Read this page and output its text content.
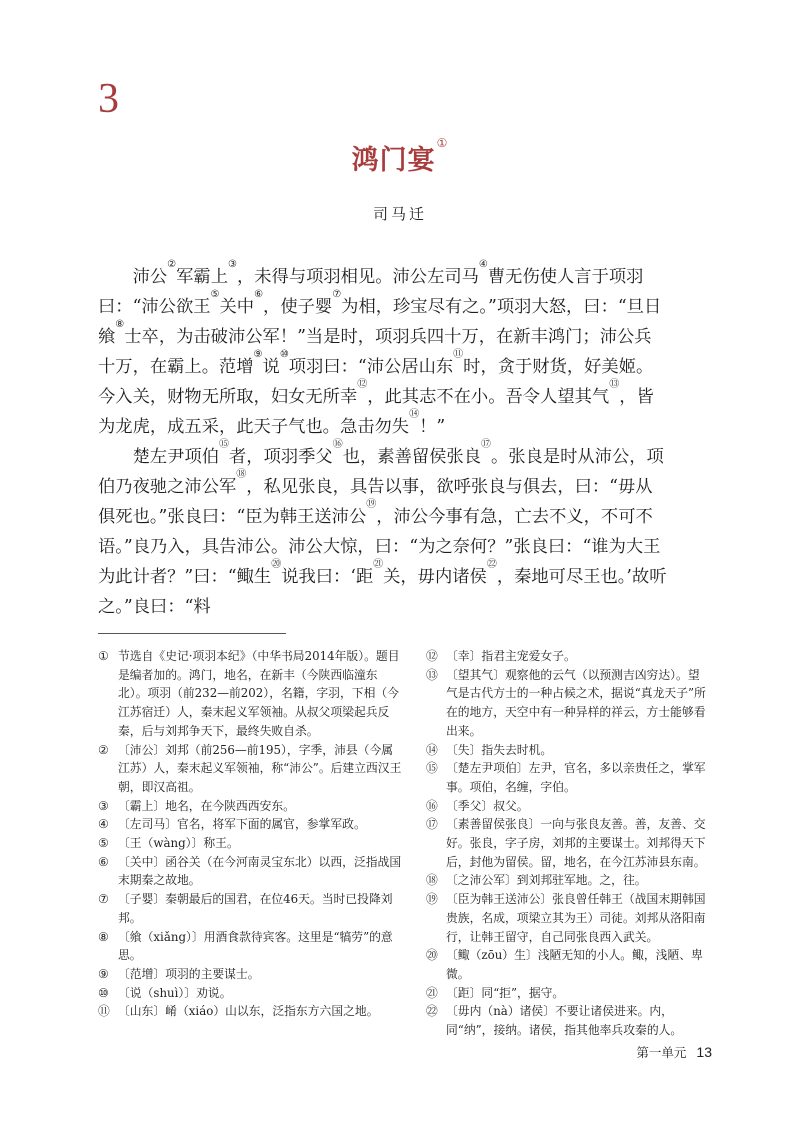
3
鸿门宴①
司马迁

沛公②军霸上③，未得与项羽相见。沛公左司马④曹无伤使人言于项羽曰：“沛公欲王⑤关中⑥，使子婴⑦为相，珍宝尽有之。”项羽大怒，曰：“旦日飨⑧士卒，为击破沛公军！”当是时，项羽兵四十万，在新丰鸿门；沛公兵十万，在霸上。范增⑨说⑩项羽曰：“沛公居山东⑪时，贪于财货，好美姬。今入关，财物无所取，妇女无所幸⑫，此其志不在小。吾令人望其气⑬，皆为龙虎，成五采，此天子气也。急击勿失⑭！”

楚左尹项伯⑮者，项羽季父⑯也，素善留侯张良⑰。张良是时从沛公，项伯乃夜驰之沛公军⑱，私见张良，具告以事，欲呼张良与俱去，曰：“毋从俱死也。”张良曰：“臣为韩王送沛公⑲，沛公今事有急，亡去不义，不可不语。”良乃入，具告沛公。沛公大惊，曰：“为之奈何？”张良曰：“谁为大王为此计者？”曰：“鲰生⑳说我曰：‘距$^㉑$关，毋内诸侯$^㉒$，秦地可尽王也。’故听之。”良曰：“料

① 节选自《史记·项羽本纪》（中华书局2014年版）。题目是编者加的。鸿门，地名，在新丰（今陕西临潼东北）。项羽（前232—前202），名籍，字羽，下相（今江苏宿迁）人，秦末起义军领袖。从叔父项梁起兵反秦，后与刘邦争天下，最终失败自杀。
② 〔沛公〕刘邦（前256—前195），字季，沛县（今属江苏）人，秦末起义军领袖，称“沛公”。后建立西汉王朝，即汉高祖。
③ 〔霸上〕地名，在今陕西西安东。
④ 〔左司马〕官名，将军下面的属官，参掌军政。
⑤ 〔王（wàng）〕称王。
⑥ 〔关中〕函谷关（在今河南灵宝东北）以西，泛指战国末期秦之故地。
⑦ 〔子婴〕秦朝最后的国君，在位46天。当时已投降刘邦。
⑧ 〔飨（xiǎng）〕用酒食款待宾客。这里是“犒劳”的意思。
⑨ 〔范增〕项羽的主要谋士。
⑩ 〔说（shuì）〕劝说。
⑪ 〔山东〕崤（xiáo）山以东，泛指东方六国之地。
⑫ 〔幸〕指君主宠爱女子。
⑬ 〔望其气〕观察他的云气（以预测吉凶穷达）。望气是古代方士的一种占候之术，据说“真龙天子”所在的地方，天空中有一种异样的祥云，方士能够看出来。
⑭ 〔失〕指失去时机。
⑮ 〔楚左尹项伯〕左尹，官名，多以亲贵任之，掌军事。项伯，名缠，字伯。
⑯ 〔季父〕叔父。
⑰ 〔素善留侯张良〕一向与张良友善。善，友善、交好。张良，字子房，刘邦的主要谋士。刘邦得天下后，封他为留侯。留，地名，在今江苏沛县东南。
⑱ 〔之沛公军〕到刘邦驻军地。之，往。
⑲ 〔臣为韩王送沛公〕张良曾任韩王（战国末期韩国贵族，名成，项梁立其为王）司徒。刘邦从洛阳南行，让韩王留守，自己同张良西入武关。
⑳ 〔鲰（zōu）生〕浅陋无知的小人。鲰，浅陋、卑微。
㉑ 〔距〕同“拒”，据守。
㉒ 〔毋内（nà）诸侯〕不要让诸侯进来。内，同“纳”，接纳。诸侯，指其他率兵攻秦的人。
第一单元 13
